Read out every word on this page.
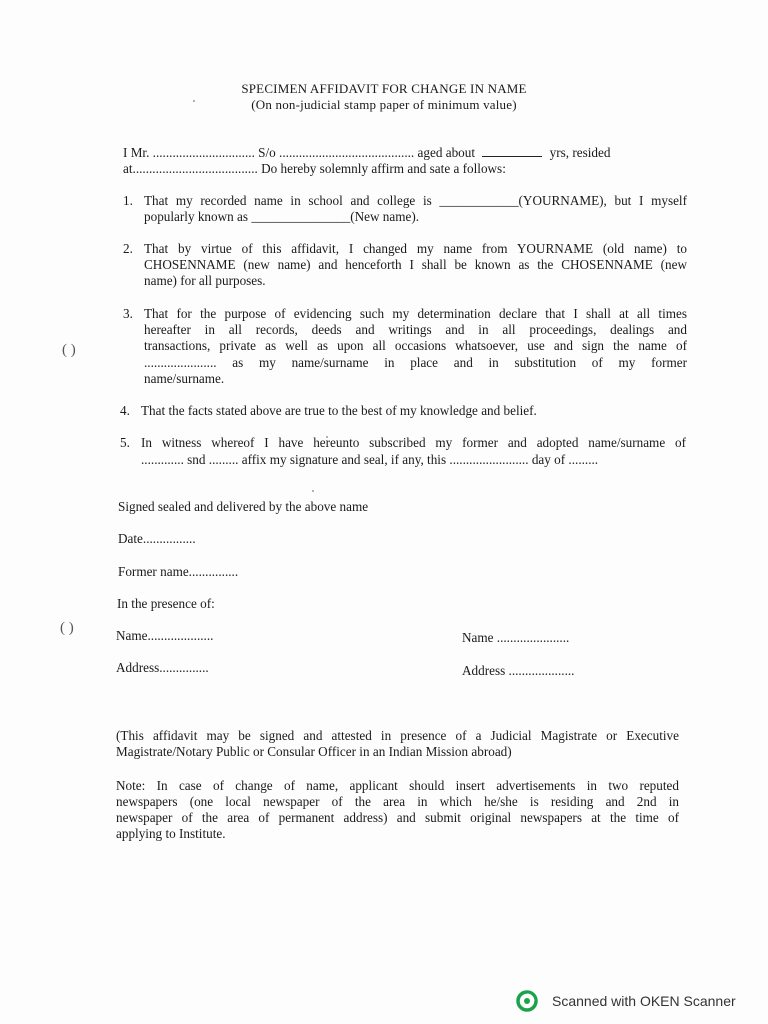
( )
( )
SPECIMEN AFFIDAVIT FOR CHANGE IN NAME
(On non-judicial stamp paper of minimum value)
I Mr. ............................... S/o ......................................... aged about	yrs, resided
at...................................... Do hereby solemnly affirm and sate a follows:
1. That my recorded name in school and college is ____________(YOURNAME), but I myself
popularly known as _______________(New name).
2. That by virtue of this affidavit, I changed my name from YOURNAME (old name) to
CHOSENNAME (new name) and henceforth I shall be known as the CHOSENNAME (new
name) for all purposes.
3. That for the purpose of evidencing such my determination declare that I shall at all times
hereafter in all records, deeds and writings and in all proceedings, dealings and
transactions, private as well as upon all occasions whatsoever, use and sign the name of
...................... as my name/surname in place and in substitution of my former
name/surname.
4. That the facts stated above are true to the best of my knowledge and belief.
5. In witness whereof I have hereunto subscribed my former and adopted name/surname of
............. snd ......... affix my signature and seal, if any, this ........................ day of .........
Signed sealed and delivered by the above name
Date................
Former name...............
In the presence of:
Name....................	Name ......................
Address...............	Address ....................
(This affidavit may be signed and attested in presence of a Judicial Magistrate or Executive
Magistrate/Notary Public or Consular Officer in an Indian Mission abroad)
Note: In case of change of name, applicant should insert advertisements in two reputed
newspapers (one local newspaper of the area in which he/she is residing and 2nd in
newspaper of the area of permanent address) and submit original newspapers at the time of
applying to Institute.
Scanned with OKEN Scanner
